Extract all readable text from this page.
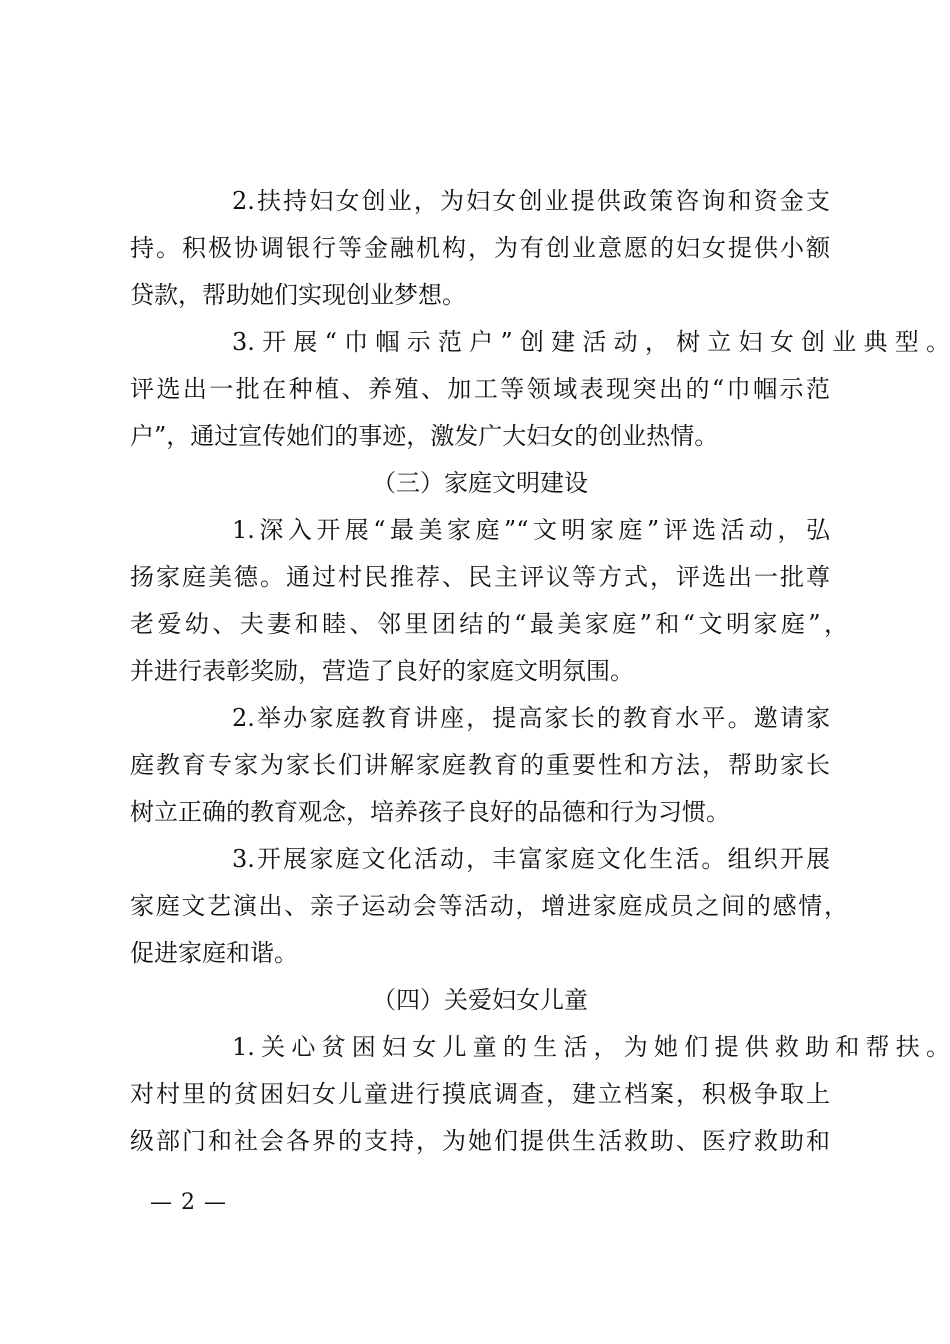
2.扶持妇女创业，为妇女创业提供政策咨询和资金支
持。积极协调银行等金融机构，为有创业意愿的妇女提供小额
贷款，帮助她们实现创业梦想。
3.开展“巾帼示范户”创建活动，树立妇女创业典型。
评选出一批在种植、养殖、加工等领域表现突出的“巾帼示范
户”，通过宣传她们的事迹，激发广大妇女的创业热情。
（三）家庭文明建设
1.深入开展“最美家庭”“文明家庭”评选活动，弘
扬家庭美德。通过村民推荐、民主评议等方式，评选出一批尊
老爱幼、夫妻和睦、邻里团结的“最美家庭”和“文明家庭”，
并进行表彰奖励，营造了良好的家庭文明氛围。
2.举办家庭教育讲座，提高家长的教育水平。邀请家
庭教育专家为家长们讲解家庭教育的重要性和方法，帮助家长
树立正确的教育观念，培养孩子良好的品德和行为习惯。
3.开展家庭文化活动，丰富家庭文化生活。组织开展
家庭文艺演出、亲子运动会等活动，增进家庭成员之间的感情，
促进家庭和谐。
（四）关爱妇女儿童
1.关心贫困妇女儿童的生活，为她们提供救助和帮扶。
对村里的贫困妇女儿童进行摸底调查，建立档案，积极争取上
级部门和社会各界的支持，为她们提供生活救助、医疗救助和
— 2 —
